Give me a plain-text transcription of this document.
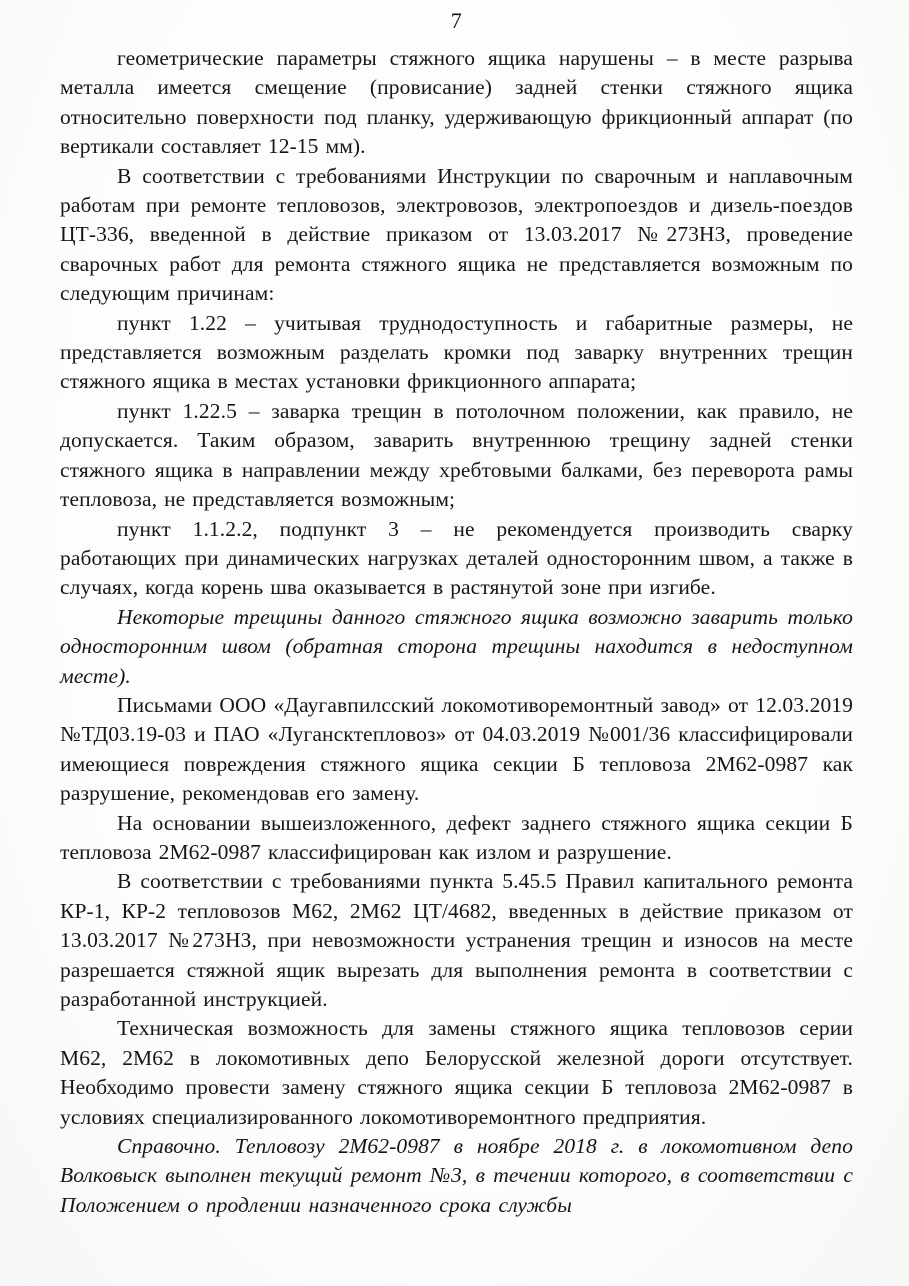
7

геометрические параметры стяжного ящика нарушены – в месте разрыва металла имеется смещение (провисание) задней стенки стяжного ящика относительно поверхности под планку, удерживающую фрикционный аппарат (по вертикали составляет 12-15 мм).

В соответствии с требованиями Инструкции по сварочным и наплавочным работам при ремонте тепловозов, электровозов, электропоездов и дизель-поездов ЦТ-336, введенной в действие приказом от 13.03.2017 №273НЗ, проведение сварочных работ для ремонта стяжного ящика не представляется возможным по следующим причинам:

пункт 1.22 – учитывая труднодоступность и габаритные размеры, не представляется возможным разделать кромки под заварку внутренних трещин стяжного ящика в местах установки фрикционного аппарата;

пункт 1.22.5 – заварка трещин в потолочном положении, как правило, не допускается. Таким образом, заварить внутреннюю трещину задней стенки стяжного ящика в направлении между хребтовыми балками, без переворота рамы тепловоза, не представляется возможным;

пункт 1.1.2.2, подпункт 3 – не рекомендуется производить сварку работающих при динамических нагрузках деталей односторонним швом, а также в случаях, когда корень шва оказывается в растянутой зоне при изгибе.

Некоторые трещины данного стяжного ящика возможно заварить только односторонним швом (обратная сторона трещины находится в недоступном месте).

Письмами ООО «Даугавпилсский локомотиворемонтный завод» от 12.03.2019 №ТД03.19-03 и ПАО «Лугансктепловоз» от 04.03.2019 №001/36 классифицировали имеющиеся повреждения стяжного ящика секции Б тепловоза 2М62-0987 как разрушение, рекомендовав его замену.

На основании вышеизложенного, дефект заднего стяжного ящика секции Б тепловоза 2М62-0987 классифицирован как излом и разрушение.

В соответствии с требованиями пункта 5.45.5 Правил капитального ремонта КР-1, КР-2 тепловозов М62, 2М62 ЦТ/4682, введенных в действие приказом от 13.03.2017 №273НЗ, при невозможности устранения трещин и износов на месте разрешается стяжной ящик вырезать для выполнения ремонта в соответствии с разработанной инструкцией.

Техническая возможность для замены стяжного ящика тепловозов серии М62, 2М62 в локомотивных депо Белорусской железной дороги отсутствует. Необходимо провести замену стяжного ящика секции Б тепловоза 2М62-0987 в условиях специализированного локомотиворемонтного предприятия.

Справочно. Тепловозу 2М62-0987 в ноябре 2018 г. в локомотивном депо Волковыск выполнен текущий ремонт №3, в течении которого, в соответствии с Положением о продлении назначенного срока службы
